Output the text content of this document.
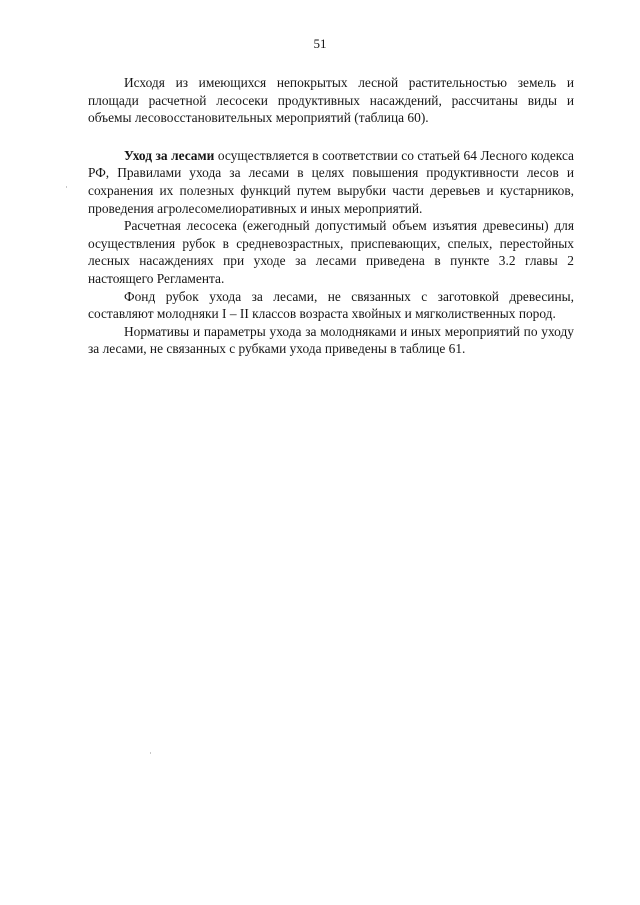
51

Исходя из имеющихся непокрытых лесной растительностью земель и площади расчетной лесосеки продуктивных насаждений, рассчитаны виды и объемы лесовосстановительных мероприятий (таблица 60).

Уход за лесами осуществляется в соответствии со статьей 64 Лесного кодекса РФ, Правилами ухода за лесами в целях повышения продуктивности лесов и сохранения их полезных функций путем вырубки части деревьев и кустарников, проведения агролесомелиоративных и иных мероприятий.

Расчетная лесосека (ежегодный допустимый объем изъятия древесины) для осуществления рубок в средневозрастных, приспевающих, спелых, перестойных лесных насаждениях при уходе за лесами приведена в пункте 3.2 главы 2 настоящего Регламента.

Фонд рубок ухода за лесами, не связанных с заготовкой древесины, составляют молодняки I – II классов возраста хвойных и мягколиственных пород.

Нормативы и параметры ухода за молодняками и иных мероприятий по уходу за лесами, не связанных с рубками ухода приведены в таблице 61.
